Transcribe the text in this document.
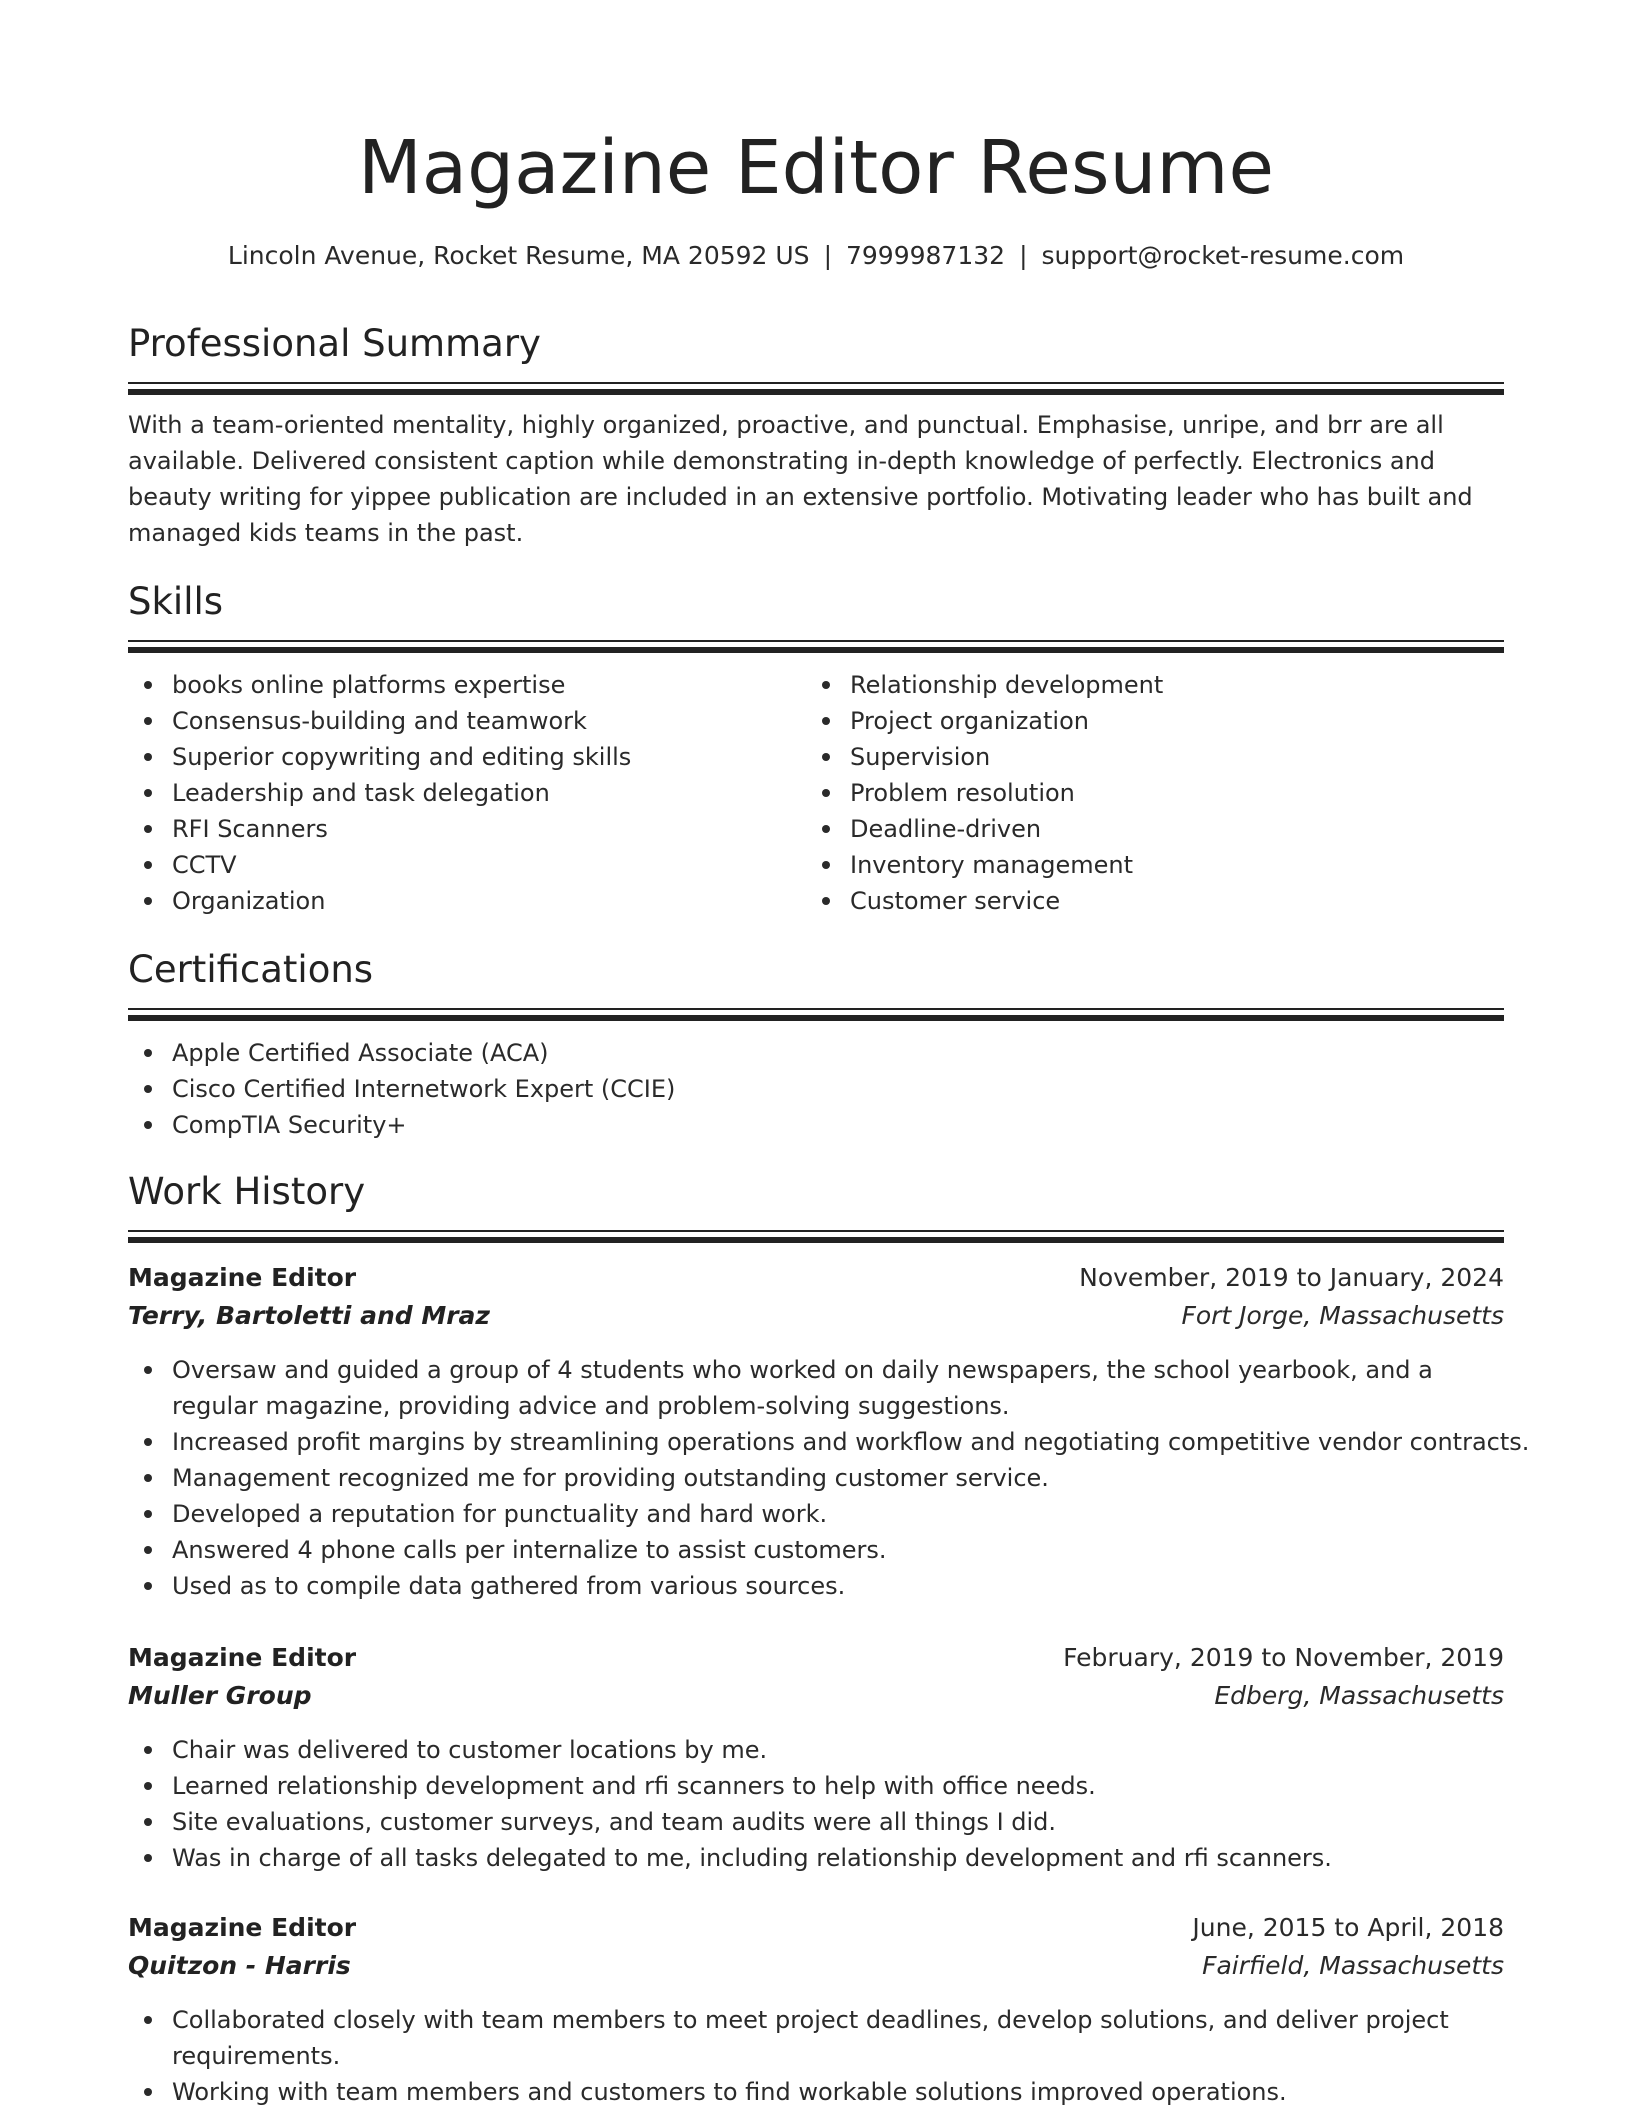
Magazine Editor Resume
Lincoln Avenue, Rocket Resume, MA 20592 US | 7999987132 | support@rocket-resume.com
Professional Summary

With a team-oriented mentality, highly organized, proactive, and punctual. Emphasise, unripe, and brr are all available. Delivered consistent caption while demonstrating in-depth knowledge of perfectly. Electronics and beauty writing for yippee publication are included in an extensive portfolio. Motivating leader who has built and managed kids teams in the past.

Skills
books online platforms expertise
Consensus-building and teamwork
Superior copywriting and editing skills
Leadership and task delegation
RFI Scanners
CCTV
Organization
Relationship development
Project organization
Supervision
Problem resolution
Deadline-driven
Inventory management
Customer service
Certifications
Apple Certified Associate (ACA)
Cisco Certified Internetwork Expert (CCIE)
CompTIA Security+
Work History
Magazine Editor	November, 2019 to January, 2024
Terry, Bartoletti and Mraz	Fort Jorge, Massachusetts
Oversaw and guided a group of 4 students who worked on daily newspapers, the school yearbook, and a regular magazine, providing advice and problem-solving suggestions.
Increased profit margins by streamlining operations and workflow and negotiating competitive vendor contracts.
Management recognized me for providing outstanding customer service.
Developed a reputation for punctuality and hard work.
Answered 4 phone calls per internalize to assist customers.
Used as to compile data gathered from various sources.
Magazine Editor	February, 2019 to November, 2019
Muller Group	Edberg, Massachusetts
Chair was delivered to customer locations by me.
Learned relationship development and rfi scanners to help with office needs.
Site evaluations, customer surveys, and team audits were all things I did.
Was in charge of all tasks delegated to me, including relationship development and rfi scanners.
Magazine Editor	June, 2015 to April, 2018
Quitzon - Harris	Fairfield, Massachusetts
Collaborated closely with team members to meet project deadlines, develop solutions, and deliver project requirements.
Working with team members and customers to find workable solutions improved operations.
